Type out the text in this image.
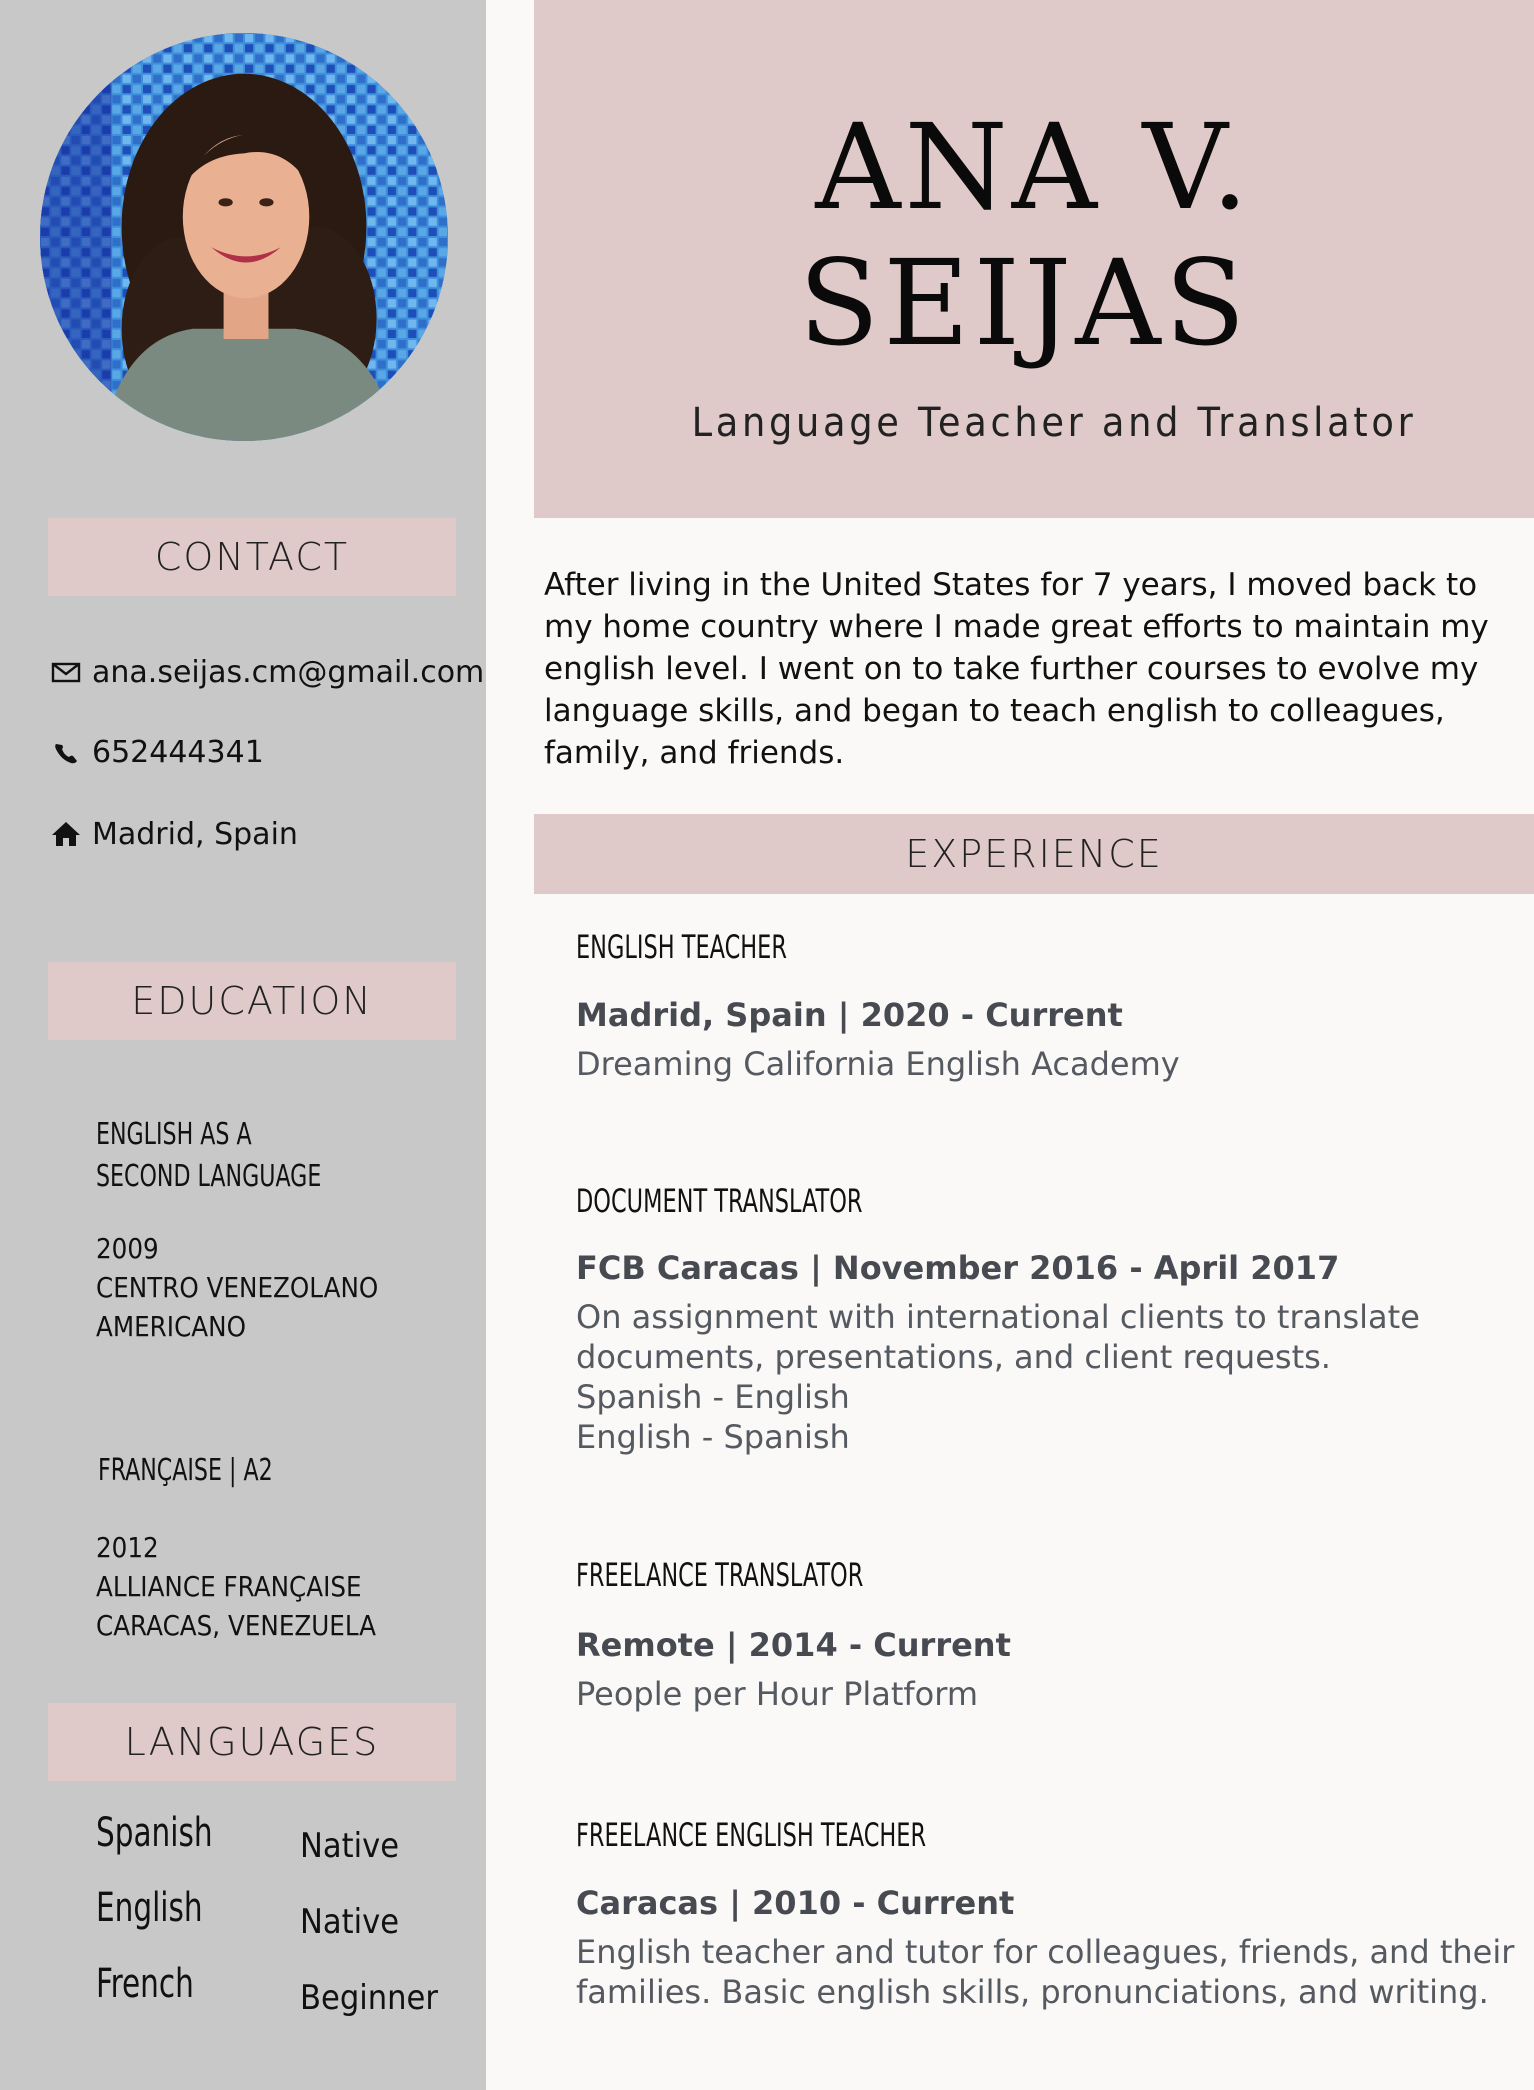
CONTACT
ana.seijas.cm@gmail.com
652444341
Madrid, Spain
EDUCATION
ENGLISH AS A
SECOND LANGUAGE
2009
CENTRO VENEZOLANO
AMERICANO
FRANÇAISE | A2
2012
ALLIANCE FRANÇAISE
CARACAS, VENEZUELA
LANGUAGES
Spanish	Native
English	Native
French	Beginner
ANA V.
SEIJAS
Language Teacher and Translator
After living in the United States for 7 years, I moved back to my home country where I made great efforts to maintain my english level. I went on to take further courses to evolve my language skills, and began to teach english to colleagues, family, and friends.
EXPERIENCE
ENGLISH TEACHER
Madrid, Spain | 2020 - Current
Dreaming California English Academy
DOCUMENT TRANSLATOR
FCB Caracas | November 2016 - April 2017
On assignment with international clients to translate
documents, presentations, and client requests.
Spanish - English
English - Spanish
FREELANCE TRANSLATOR
Remote | 2014 - Current
People per Hour Platform
FREELANCE ENGLISH TEACHER
Caracas | 2010 - Current
English teacher and tutor for colleagues, friends, and their
families. Basic english skills, pronunciations, and writing.
